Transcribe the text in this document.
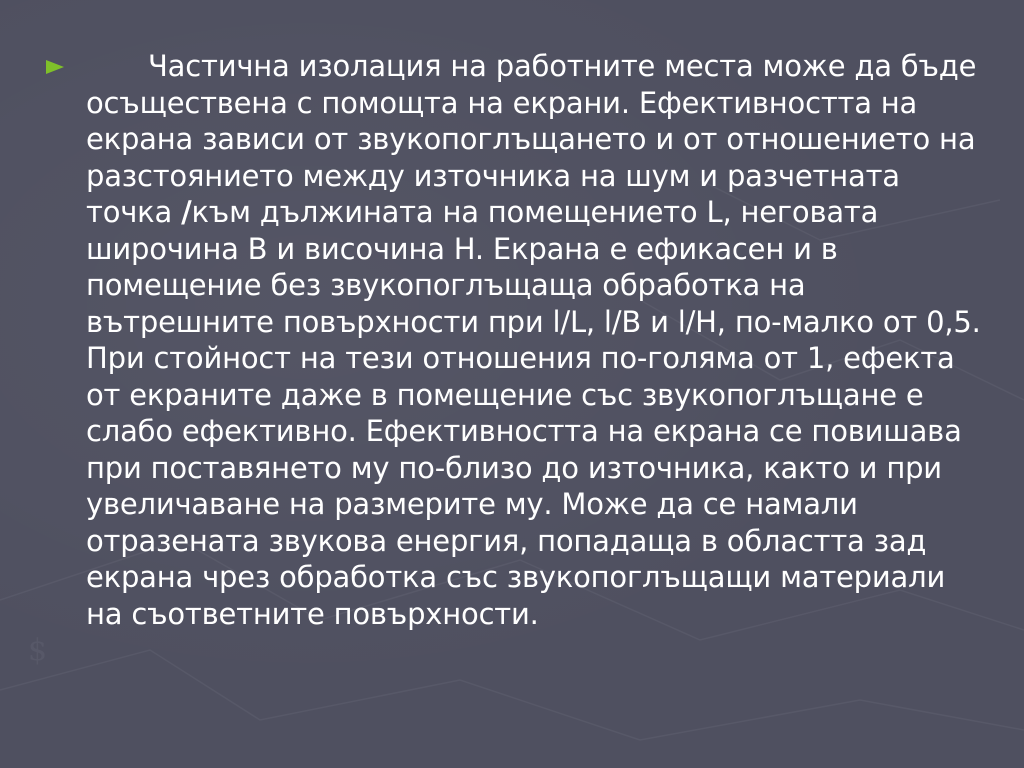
$

Частична изолация на работните места може да бъде осъществена с помощта на екрани. Ефективността на екрана зависи от звукопоглъщането и от отношението на разстоянието между източника на шум и разчетната точка /към дължината на помещението L, неговата широчина B и височина H. Екрана е ефикасен и в помещение без звукопоглъщаща обработка на вътрешните повърхности при l/L, l/B и l/H, по-малко от 0,5. При стойност на тези отношения по-голяма от 1, ефекта от екраните даже в помещение със звукопоглъщане е слабо ефективно. Ефективността на екрана се повишава при поставянето му по-близо до източника, както и при увеличаване на размерите му. Може да се намали отразената звукова енергия, попадаща в областта зад екрана чрез обработка със звукопоглъщащи материали на съответните повърхности.
